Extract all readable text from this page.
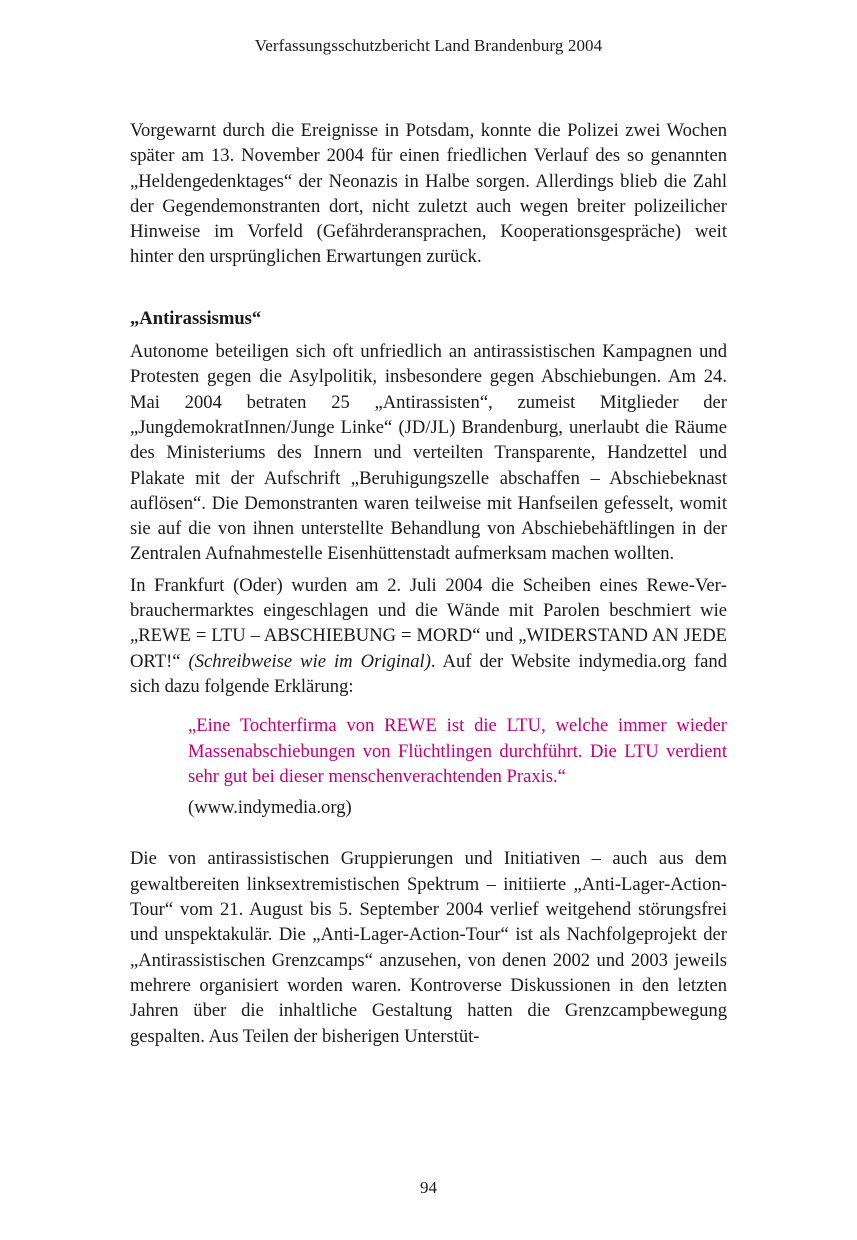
Verfassungsschutzbericht Land Brandenburg 2004

Vorgewarnt durch die Ereignisse in Potsdam, konnte die Polizei zwei Wochen später am 13. November 2004 für einen friedlichen Verlauf des so genannten „Heldengedenktages“ der Neonazis in Halbe sorgen. Allerdings blieb die Zahl der Gegendemonstranten dort, nicht zuletzt auch wegen breiter polizeilicher Hinweise im Vorfeld (Gefährderansprachen, Kooperationsgespräche) weit hinter den ursprünglichen Erwartungen zurück.

„Antirassismus“

Autonome beteiligen sich oft unfriedlich an antirassistischen Kampagnen und Protesten gegen die Asylpolitik, insbesondere gegen Abschiebungen. Am 24. Mai 2004 betraten 25 „Antirassisten“, zumeist Mitglieder der „JungdemokratInnen/Junge Linke“ (JD/JL) Brandenburg, unerlaubt die Räume des Ministeriums des Innern und verteilten Transparente, Handzettel und Plakate mit der Aufschrift „Beruhigungszelle abschaffen – Abschiebeknast auflösen“. Die Demonstranten waren teilweise mit Hanfseilen gefesselt, womit sie auf die von ihnen unterstellte Behandlung von Abschiebehäftlingen in der Zentralen Aufnahmestelle Eisenhüttenstadt aufmerksam machen wollten.

In Frankfurt (Oder) wurden am 2. Juli 2004 die Scheiben eines Rewe-Verbrauchermarktes eingeschlagen und die Wände mit Parolen beschmiert wie „REWE = LTU – ABSCHIEBUNG = MORD“ und „WIDERSTAND AN JEDE ORT!“ (Schreibweise wie im Original). Auf der Website indymedia.org fand sich dazu folgende Erklärung:

„Eine Tochterfirma von REWE ist die LTU, welche immer wieder Massenabschiebungen von Flüchtlingen durchführt. Die LTU verdient sehr gut bei dieser menschenverachtenden Praxis.“

(www.indymedia.org)

Die von antirassistischen Gruppierungen und Initiativen – auch aus dem gewaltbereiten linksextremistischen Spektrum – initiierte „Anti-Lager-Action-Tour“ vom 21. August bis 5. September 2004 verlief weitgehend störungsfrei und unspektakulär. Die „Anti-Lager-Action-Tour“ ist als Nachfolgeprojekt der „Antirassistischen Grenzcamps“ anzusehen, von denen 2002 und 2003 jeweils mehrere organisiert worden waren. Kontroverse Diskussionen in den letzten Jahren über die inhaltliche Gestaltung hatten die Grenzcampbewegung gespalten. Aus Teilen der bisherigen Unterstüt-

94
